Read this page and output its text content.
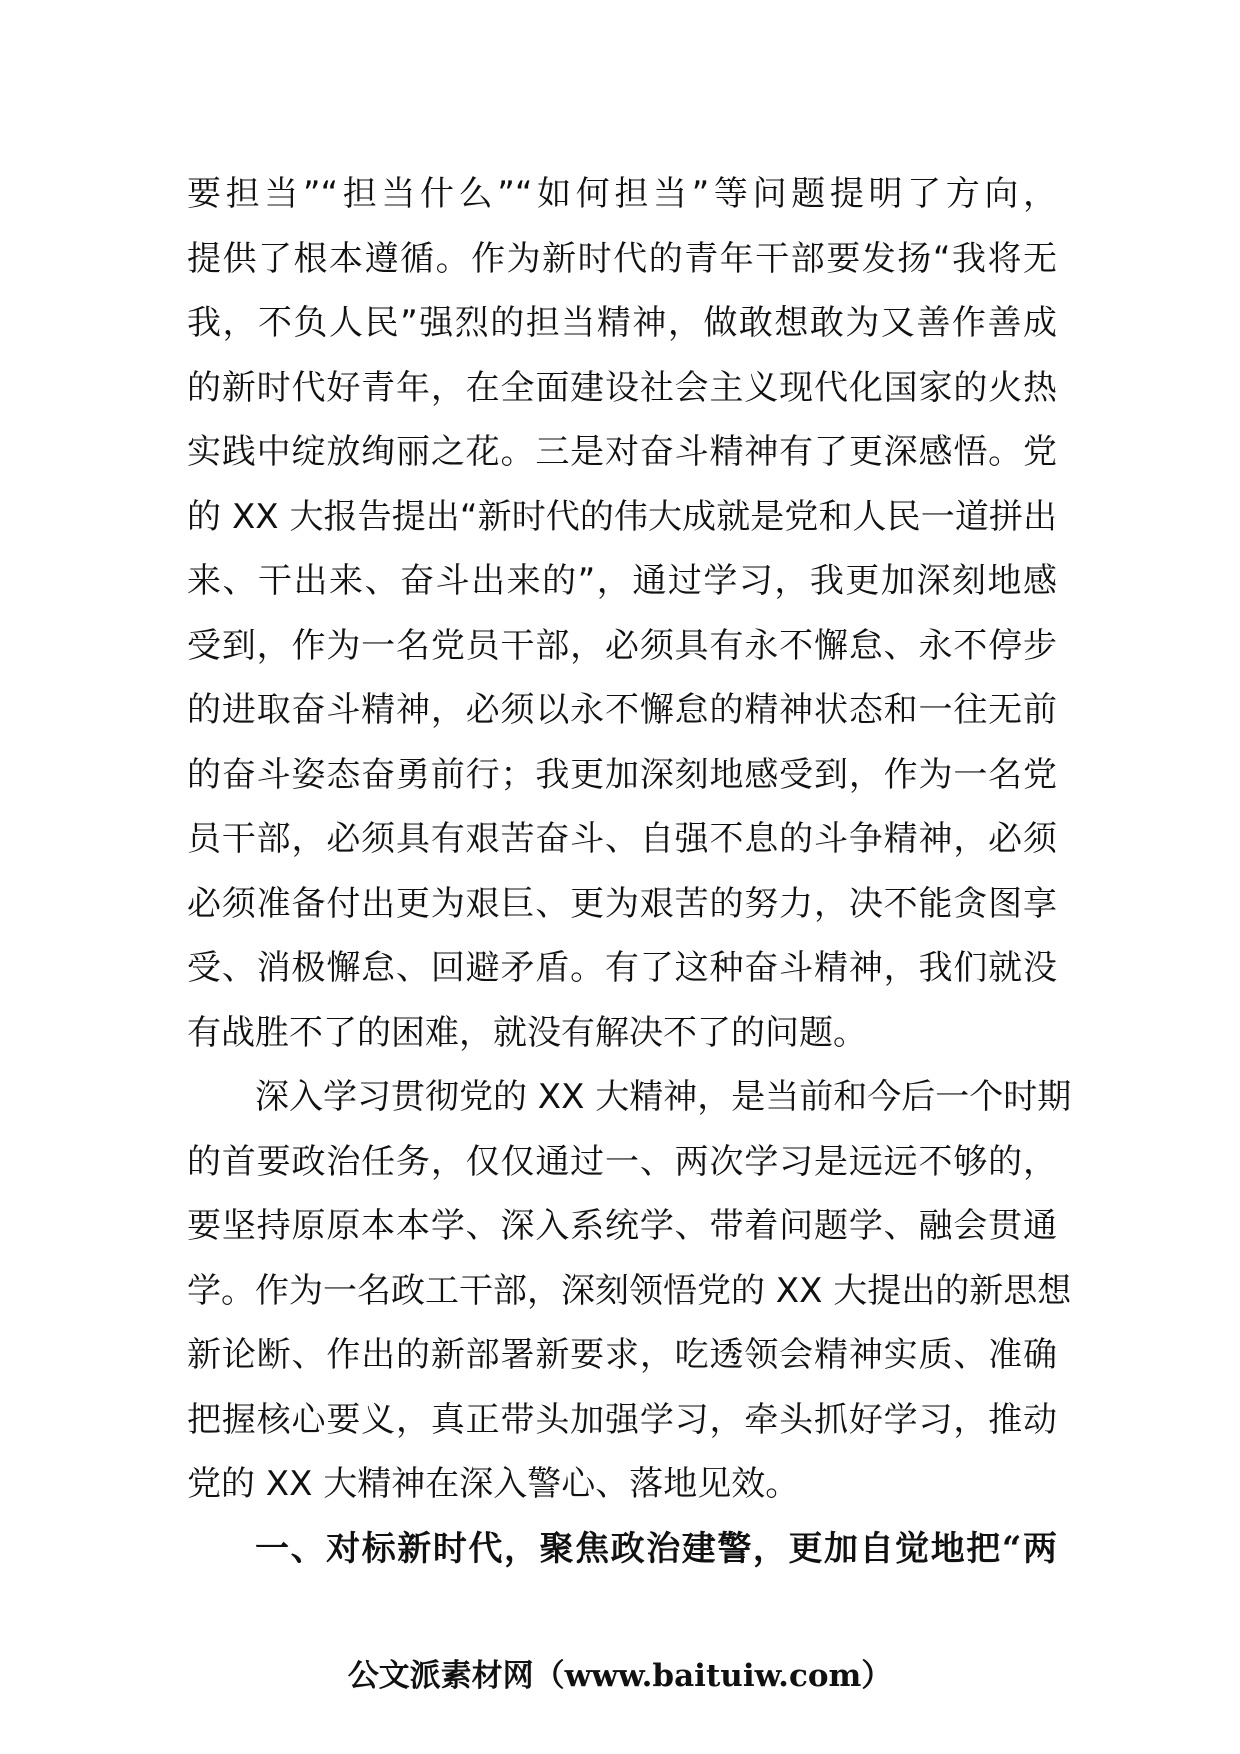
要担当”“担当什么”“如何担当”等问题提明了方向，
提供了根本遵循。作为新时代的青年干部要发扬“我将无
我，不负人民”强烈的担当精神，做敢想敢为又善作善成
的新时代好青年，在全面建设社会主义现代化国家的火热
实践中绽放绚丽之花。三是对奋斗精神有了更深感悟。党
的 XX 大报告提出“新时代的伟大成就是党和人民一道拼出
来、干出来、奋斗出来的”，通过学习，我更加深刻地感
受到，作为一名党员干部，必须具有永不懈怠、永不停步
的进取奋斗精神，必须以永不懈怠的精神状态和一往无前
的奋斗姿态奋勇前行；我更加深刻地感受到，作为一名党
员干部，必须具有艰苦奋斗、自强不息的斗争精神，必须
必须准备付出更为艰巨、更为艰苦的努力，决不能贪图享
受、消极懈怠、回避矛盾。有了这种奋斗精神，我们就没
有战胜不了的困难，就没有解决不了的问题。
深入学习贯彻党的 XX 大精神，是当前和今后一个时期
的首要政治任务，仅仅通过一、两次学习是远远不够的，
要坚持原原本本学、深入系统学、带着问题学、融会贯通
学。作为一名政工干部，深刻领悟党的 XX 大提出的新思想
新论断、作出的新部署新要求，吃透领会精神实质、准确
把握核心要义，真正带头加强学习，牵头抓好学习，推动
党的 XX 大精神在深入警心、落地见效。
一、对标新时代，聚焦政治建警，更加自觉地把“两
公文派素材网（www.baituiw.com）
